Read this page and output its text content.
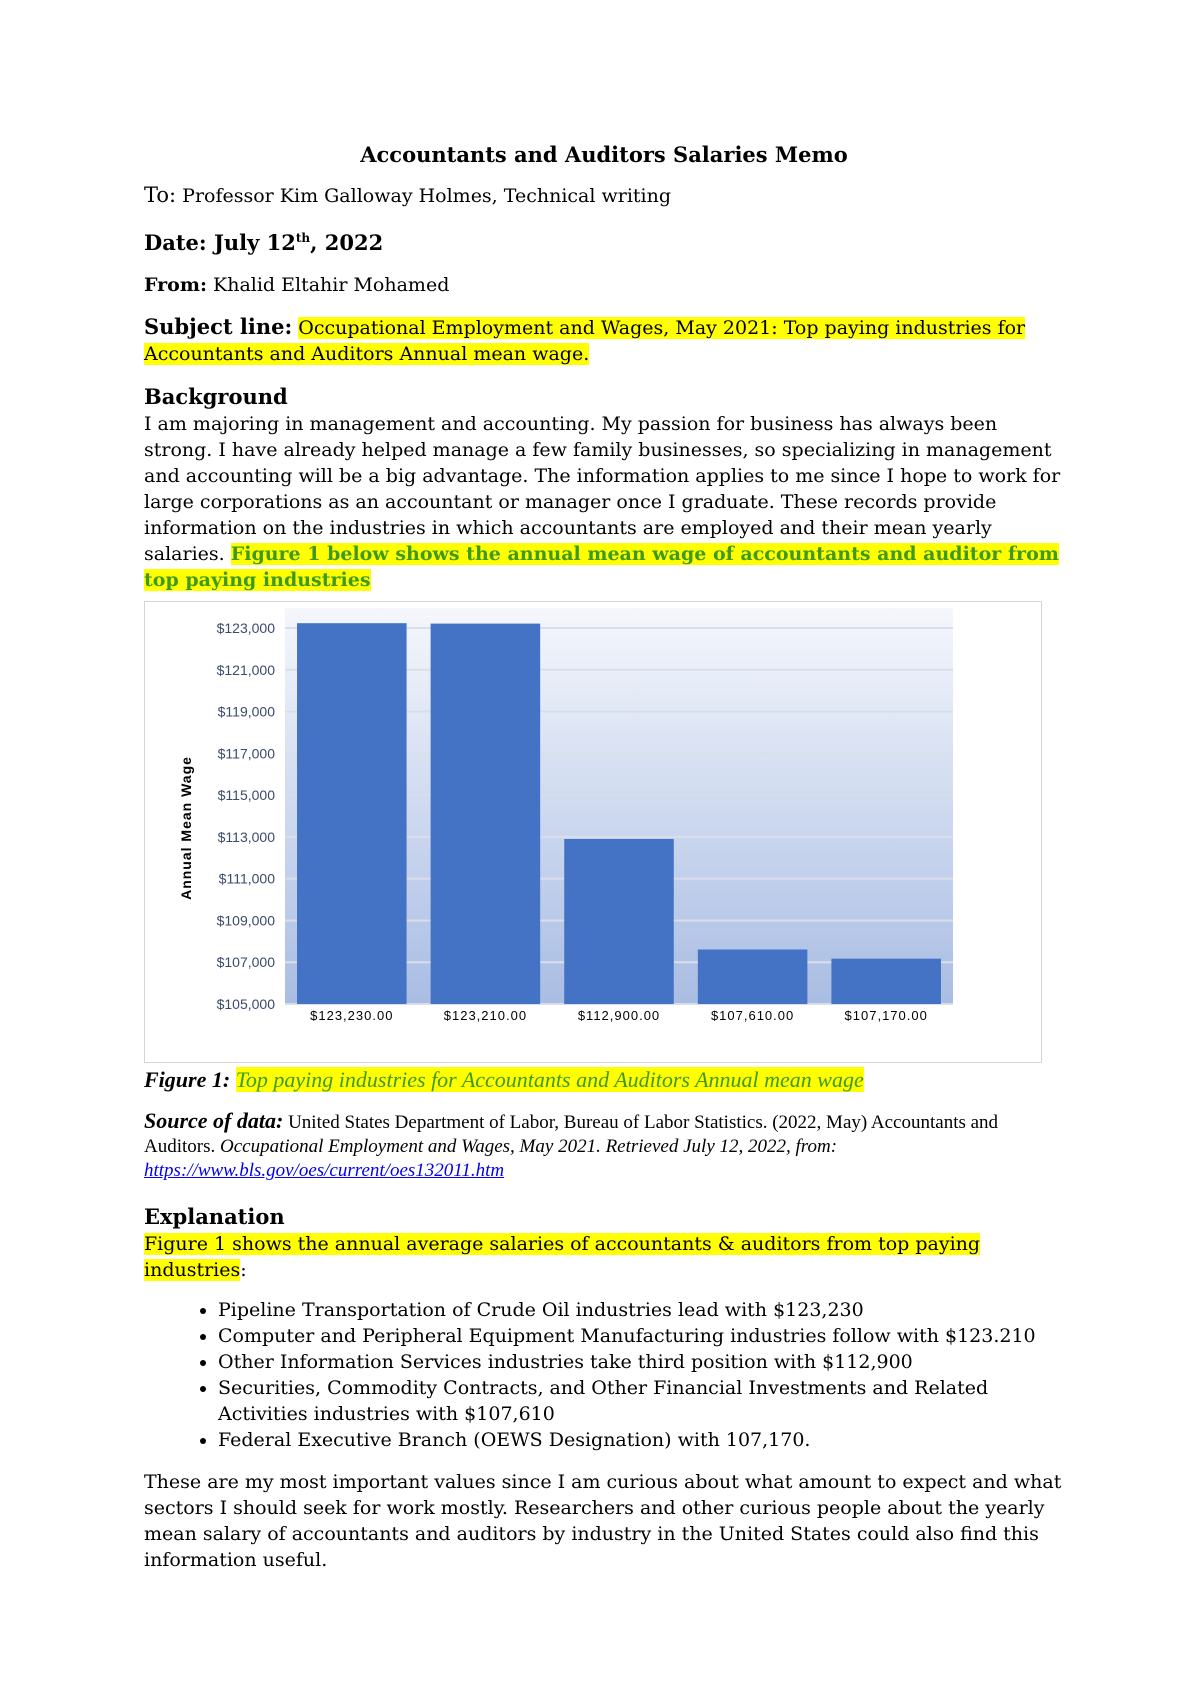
Accountants and Auditors Salaries Memo
To: Professor Kim Galloway Holmes, Technical writing
Date: July 12th, 2022
From: Khalid Eltahir Mohamed
Subject line: Occupational Employment and Wages, May 2021: Top paying industries for Accountants and Auditors Annual mean wage.
Background

I am majoring in management and accounting. My passion for business has always been strong. I have already helped manage a few family businesses, so specializing in management and accounting will be a big advantage. The information applies to me since I hope to work for large corporations as an accountant or manager once I graduate. These records provide information on the industries in which accountants are employed and their mean yearly salaries. Figure 1 below shows the annual mean wage of accountants and auditor from top paying industries

$105,000
$107,000
$109,000
$111,000
$113,000
$115,000
$117,000
$119,000
$121,000
$123,000
$123,230.00	$123,210.00	$112,900.00	$107,610.00	$107,170.00
Annual Mean Wage
Figure 1: Top paying industries for Accountants and Auditors Annual mean wage
Source of data: United States Department of Labor, Bureau of Labor Statistics. (2022, May) Accountants and Auditors. Occupational Employment and Wages, May 2021. Retrieved July 12, 2022, from:
https://www.bls.gov/oes/current/oes132011.htm
Explanation

Figure 1 shows the annual average salaries of accountants & auditors from top paying industries:

• Pipeline Transportation of Crude Oil industries lead with $123,230
• Computer and Peripheral Equipment Manufacturing industries follow with $123.210
• Other Information Services industries take third position with $112,900
• Securities, Commodity Contracts, and Other Financial Investments and Related Activities industries with $107,610
• Federal Executive Branch (OEWS Designation) with 107,170.

These are my most important values since I am curious about what amount to expect and what sectors I should seek for work mostly. Researchers and other curious people about the yearly mean salary of accountants and auditors by industry in the United States could also find this information useful.
